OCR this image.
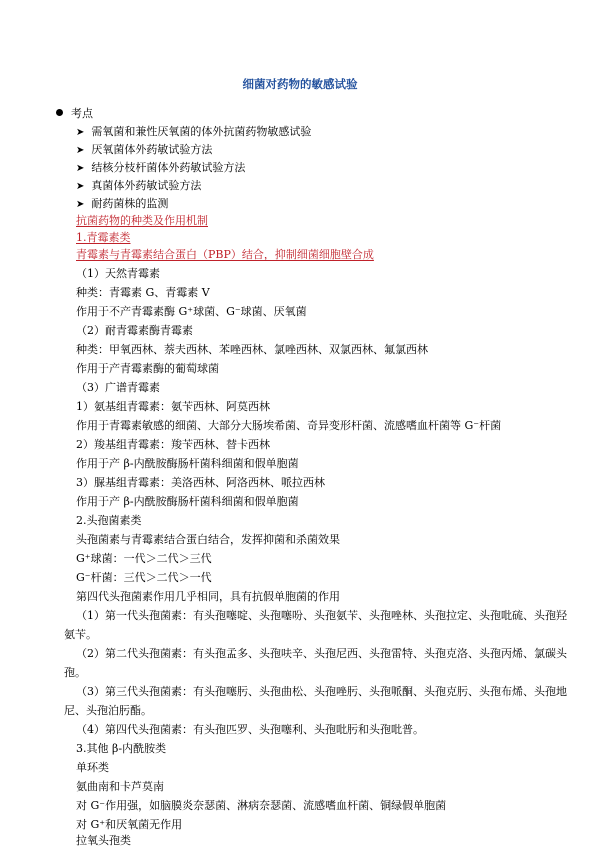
细菌对药物的敏感试验
考点
➤ 需氧菌和兼性厌氧菌的体外抗菌药物敏感试验
➤ 厌氧菌体外药敏试验方法
➤ 结核分枝杆菌体外药敏试验方法
➤ 真菌体外药敏试验方法
➤ 耐药菌株的监测
抗菌药物的种类及作用机制
1.青霉素类
青霉素与青霉素结合蛋白（PBP）结合，抑制细菌细胞壁合成
（1）天然青霉素
种类：青霉素 G、青霉素 V
作用于不产青霉素酶 G⁺球菌、G⁻球菌、厌氧菌
（2）耐青霉素酶青霉素
种类：甲氧西林、萘夫西林、苯唑西林、氯唑西林、双氯西林、氟氯西林
作用于产青霉素酶的葡萄球菌
（3）广谱青霉素
1）氨基组青霉素：氨苄西林、阿莫西林
作用于青霉素敏感的细菌、大部分大肠埃希菌、奇异变形杆菌、流感嗜血杆菌等 G⁻杆菌
2）羧基组青霉素：羧苄西林、替卡西林
作用于产 β-内酰胺酶肠杆菌科细菌和假单胞菌
3）脲基组青霉素：美洛西林、阿洛西林、哌拉西林
作用于产 β-内酰胺酶肠杆菌科细菌和假单胞菌
2.头孢菌素类
头孢菌素与青霉素结合蛋白结合，发挥抑菌和杀菌效果
G⁺球菌：一代＞二代＞三代
G⁻杆菌：三代＞二代＞一代
第四代头孢菌素作用几乎相同，具有抗假单胞菌的作用
（1）第一代头孢菌素：有头孢噻啶、头孢噻吩、头孢氨苄、头孢唑林、头孢拉定、头孢吡硫、头孢羟
氨苄。
（2）第二代头孢菌素：有头孢孟多、头孢呋辛、头孢尼西、头孢雷特、头孢克洛、头孢丙烯、氯碳头
孢。
（3）第三代头孢菌素：有头孢噻肟、头孢曲松、头孢唑肟、头孢哌酮、头孢克肟、头孢布烯、头孢地
尼、头孢泊肟酯。
（4）第四代头孢菌素：有头孢匹罗、头孢噻利、头孢吡肟和头孢吡普。
3.其他 β-内酰胺类
单环类
氨曲南和卡芦莫南
对 G⁻作用强，如脑膜炎奈瑟菌、淋病奈瑟菌、流感嗜血杆菌、铜绿假单胞菌
对 G⁺和厌氧菌无作用
拉氧头孢类
